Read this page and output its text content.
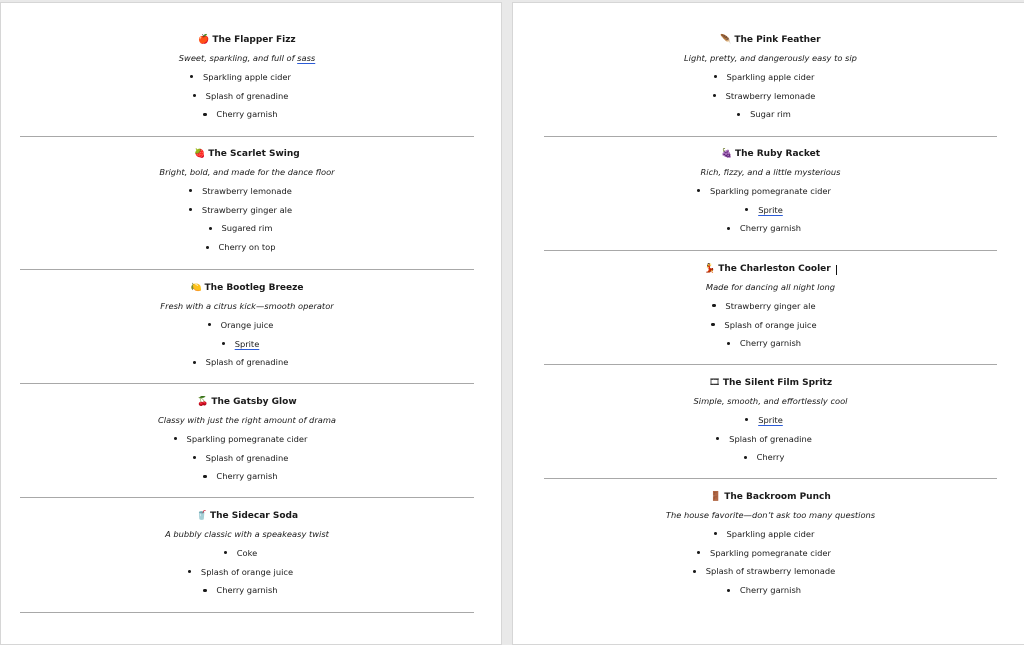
🍎 The Flapper Fizz
Sweet, sparkling, and full of sass
Sparkling apple cider
Splash of grenadine
Cherry garnish
🍓 The Scarlet Swing
Bright, bold, and made for the dance floor
Strawberry lemonade
Strawberry ginger ale
Sugared rim
Cherry on top
🍋 The Bootleg Breeze
Fresh with a citrus kick—smooth operator
Orange juice
Sprite
Splash of grenadine
🍒 The Gatsby Glow
Classy with just the right amount of drama
Sparkling pomegranate cider
Splash of grenadine
Cherry garnish
🥤 The Sidecar Soda
A bubbly classic with a speakeasy twist
Coke
Splash of orange juice
Cherry garnish
🪶 The Pink Feather
Light, pretty, and dangerously easy to sip
Sparkling apple cider
Strawberry lemonade
Sugar rim
🍇 The Ruby Racket
Rich, fizzy, and a little mysterious
Sparkling pomegranate cider
Sprite
Cherry garnish
💃 The Charleston Cooler
Made for dancing all night long
Strawberry ginger ale
Splash of orange juice
Cherry garnish
🎞 The Silent Film Spritz
Simple, smooth, and effortlessly cool
Sprite
Splash of grenadine
Cherry
🚪 The Backroom Punch
The house favorite—don’t ask too many questions
Sparkling apple cider
Sparkling pomegranate cider
Splash of strawberry lemonade
Cherry garnish
